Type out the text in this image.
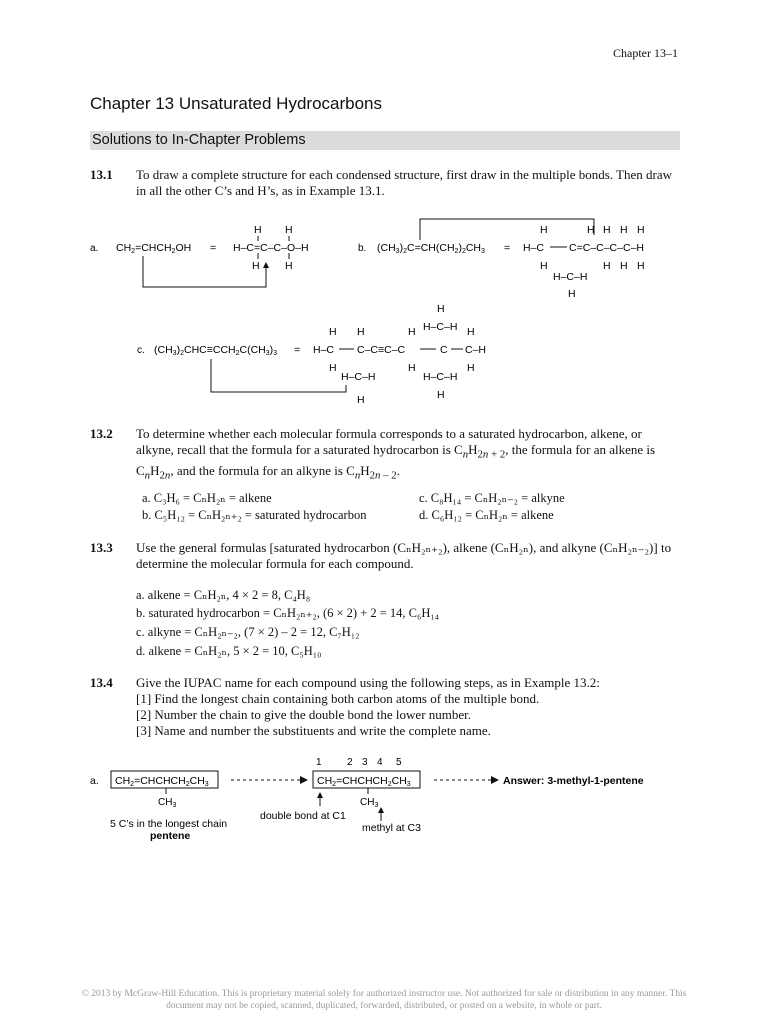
Chapter 13–1
Chapter 13 Unsaturated Hydrocarbons
Solutions to In-Chapter Problems
13.1 To draw a complete structure for each condensed structure, first draw in the multiple bonds. Then draw in all the other C’s and H’s, as in Example 13.1.
a. CH2=CHCH2OH = H–C=C–C–O–H
H H
H H
b. (CH3)2C=CH(CH2)2CH3 = H–C C=C–C–C–C–H
H	H H H H
H	H H H
H–C–H
H
c. (CH3)2CHC≡CCH2C(CH3)3 = H–C C–C≡C–C	C C–H
H H	H	H
H	H	H
H
H–C–H
H–C–H
H
H–C–H
H
13.2 To determine whether each molecular formula corresponds to a saturated hydrocarbon, alkene, or alkyne, recall that the formula for a saturated hydrocarbon is $C_nH_{2n + 2}$, the formula for an alkene is $C_nH_{2n}$, and the formula for an alkyne is $C_nH_{2n - 2}$.
a. C₃H₆ = CₙH₂ₙ = alkene
b. C₅H₁₂ = CₙH₂ₙ₊₂ = saturated hydrocarbon
c. C₈H₁₄ = CₙH₂ₙ₋₂ = alkyne
d. C₆H₁₂ = CₙH₂ₙ = alkene
13.3 Use the general formulas [saturated hydrocarbon (CₙH₂ₙ₊₂), alkene (CₙH₂ₙ), and alkyne (CₙH₂ₙ₋₂)] to determine the molecular formula for each compound.
a. alkene = CₙH₂ₙ, 4 × 2 = 8, C₄H₈
b. saturated hydrocarbon = CₙH₂ₙ₊₂, (6 × 2) + 2 = 14, C₆H₁₄
c. alkyne = CₙH₂ₙ₋₂, (7 × 2) – 2 = 12, C₇H₁₂
d. alkene = CₙH₂ₙ, 5 × 2 = 10, C₅H₁₀
13.4 Give the IUPAC name for each compound using the following steps, as in Example 13.2:
[1] Find the longest chain containing both carbon atoms of the multiple bond.
[2] Number the chain to give the double bond the lower number.
[3] Name and number the substituents and write the complete name.
a. CH2=CHCHCH2CH3
$CH_3$
1	2 3 4 5
CH2=CHCHCH2CH3
$CH_3$
Answer: 3-methyl-1-pentene
double bond at C1
methyl at C3
5 C’s in the longest chain
pentene
© 2013 by McGraw-Hill Education. This is proprietary material solely for authorized instructor use. Not authorized for sale or distribution in any manner. This document may not be copied, scanned, duplicated, forwarded, distributed, or posted on a website, in whole or part.
